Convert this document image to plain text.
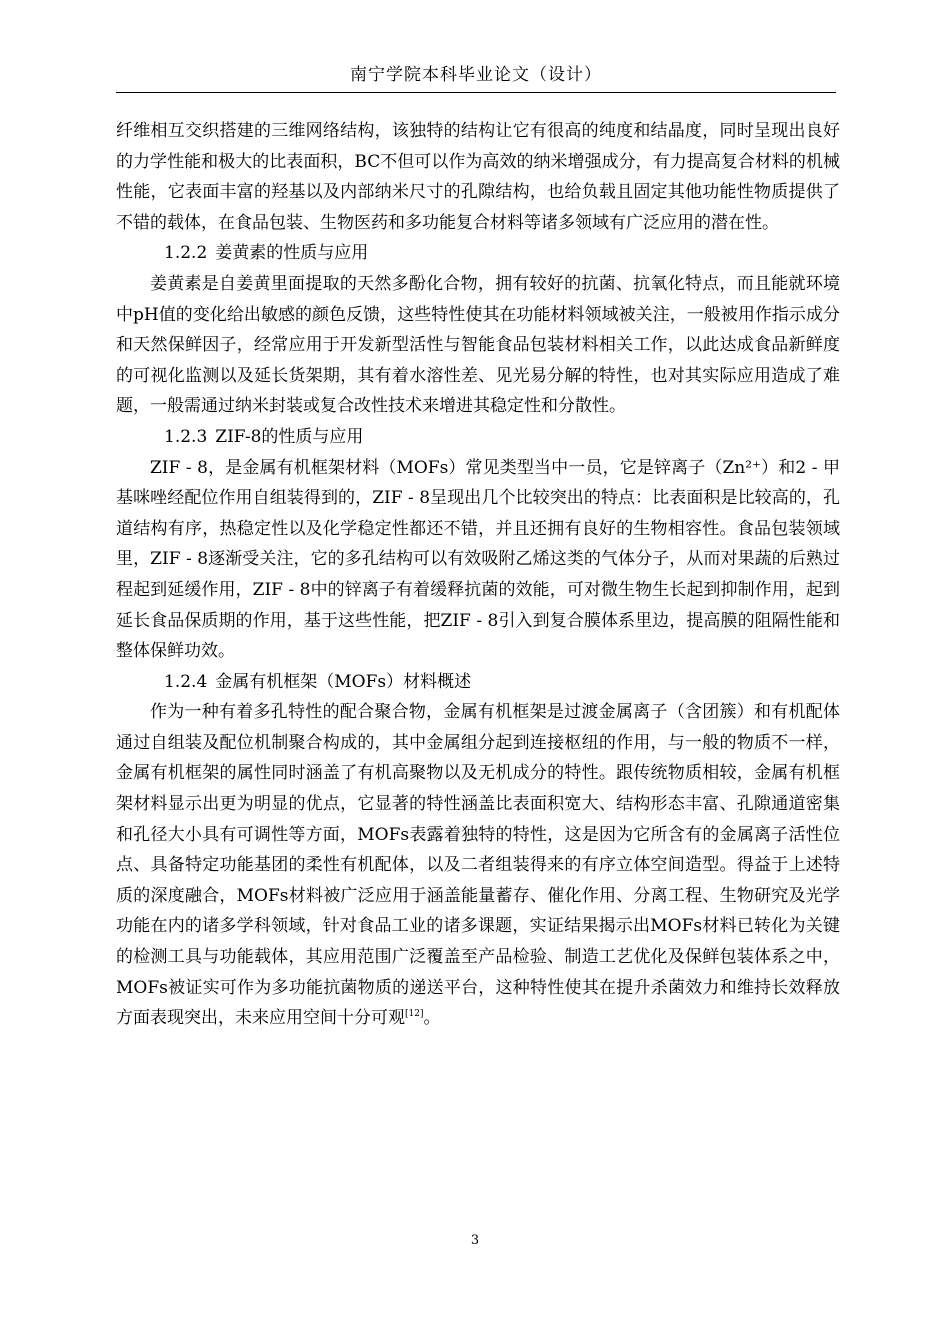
南宁学院本科毕业论文（设计）

纤维相互交织搭建的三维网络结构，该独特的结构让它有很高的纯度和结晶度，同时呈现出良好的力学性能和极大的比表面积，BC不但可以作为高效的纳米增强成分，有力提高复合材料的机械性能，它表面丰富的羟基以及内部纳米尺寸的孔隙结构，也给负载且固定其他功能性物质提供了不错的载体，在食品包装、生物医药和多功能复合材料等诸多领域有广泛应用的潜在性。

1.2.2 姜黄素的性质与应用

姜黄素是自姜黄里面提取的天然多酚化合物，拥有较好的抗菌、抗氧化特点，而且能就环境中pH值的变化给出敏感的颜色反馈，这些特性使其在功能材料领域被关注，一般被用作指示成分和天然保鲜因子，经常应用于开发新型活性与智能食品包装材料相关工作，以此达成食品新鲜度的可视化监测以及延长货架期，其有着水溶性差、见光易分解的特性，也对其实际应用造成了难题，一般需通过纳米封装或复合改性技术来增进其稳定性和分散性。

1.2.3 ZIF-8的性质与应用

ZIF - 8，是金属有机框架材料（MOFs）常见类型当中一员，它是锌离子（Zn²⁺）和2 - 甲基咪唑经配位作用自组装得到的，ZIF - 8呈现出几个比较突出的特点：比表面积是比较高的，孔道结构有序，热稳定性以及化学稳定性都还不错，并且还拥有良好的生物相容性。食品包装领域里，ZIF - 8逐渐受关注，它的多孔结构可以有效吸附乙烯这类的气体分子，从而对果蔬的后熟过程起到延缓作用，ZIF - 8中的锌离子有着缓释抗菌的效能，可对微生物生长起到抑制作用，起到延长食品保质期的作用，基于这些性能，把ZIF - 8引入到复合膜体系里边，提高膜的阻隔性能和整体保鲜功效。

1.2.4 金属有机框架（MOFs）材料概述

作为一种有着多孔特性的配合聚合物，金属有机框架是过渡金属离子（含团簇）和有机配体通过自组装及配位机制聚合构成的，其中金属组分起到连接枢纽的作用，与一般的物质不一样，金属有机框架的属性同时涵盖了有机高聚物以及无机成分的特性。跟传统物质相较，金属有机框架材料显示出更为明显的优点，它显著的特性涵盖比表面积宽大、结构形态丰富、孔隙通道密集和孔径大小具有可调性等方面，MOFs表露着独特的特性，这是因为它所含有的金属离子活性位点、具备特定功能基团的柔性有机配体，以及二者组装得来的有序立体空间造型。得益于上述特质的深度融合，MOFs材料被广泛应用于涵盖能量蓄存、催化作用、分离工程、生物研究及光学功能在内的诸多学科领域，针对食品工业的诸多课题，实证结果揭示出MOFs材料已转化为关键的检测工具与功能载体，其应用范围广泛覆盖至产品检验、制造工艺优化及保鲜包装体系之中，MOFs被证实可作为多功能抗菌物质的递送平台，这种特性使其在提升杀菌效力和维持长效释放方面表现突出，未来应用空间十分可观[12]。

3
